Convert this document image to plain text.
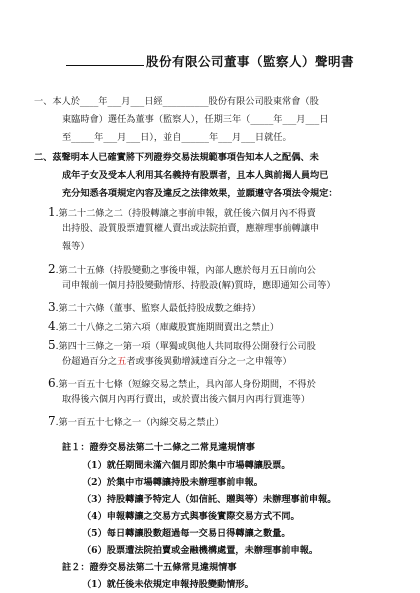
股份有限公司董事（監察人）聲明書
一、本人於____年___月___日經__________股份有限公司股東常會（股
東臨時會）選任為董事（監察人），任期三年（_____年___月___日
至_____年___月___日），並自______年___月___日就任。
二、茲聲明本人已確實將下列證券交易法規範事項告知本人之配偶、未
成年子女及受本人利用其名義持有股票者，且本人與前揭人員均已
充分知悉各項規定內容及違反之法律效果，並願遵守各項法令規定：
1.第二十二條之二（持股轉讓之事前申報，就任後六個月內不得賣
出持股、設質股票遭質權人賣出或法院拍賣，應辦理事前轉讓申
報等）
2.第二十五條（持股變動之事後申報，內部人應於每月五日前向公
司申報前一個月持股變動情形、持股設(解)質時，應即通知公司等）
3.第二十六條（董事、監察人最低持股成數之維持）
4.第二十八條之二第六項（庫藏股實施期間賣出之禁止）
5.第四十三條之一第一項（單獨或與他人共同取得公開發行公司股
份超過百分之五者或事後異動增減達百分之一之申報等）
6.第一百五十七條（短線交易之禁止，具內部人身份期間，不得於
取得後六個月內再行賣出，或於賣出後六個月內再行買進等）
7.第一百五十七條之一（內線交易之禁止）
註１：證券交易法第二十二條之二常見違規情事
（1）就任期間未滿六個月即於集中市場轉讓股票。
（2）於集中市場轉讓持股未辦理事前申報。
（3）持股轉讓予特定人（如信託、贈與等）未辦理事前申報。
（4）申報轉讓之交易方式與事後實際交易方式不同。
（5）每日轉讓股數超過每一交易日得轉讓之數量。
（6）股票遭法院拍賣或金融機構處置，未辦理事前申報。
（1）就任後未依規定申報持股變動情形。
註２：證券交易法第二十五條常見違規情事
